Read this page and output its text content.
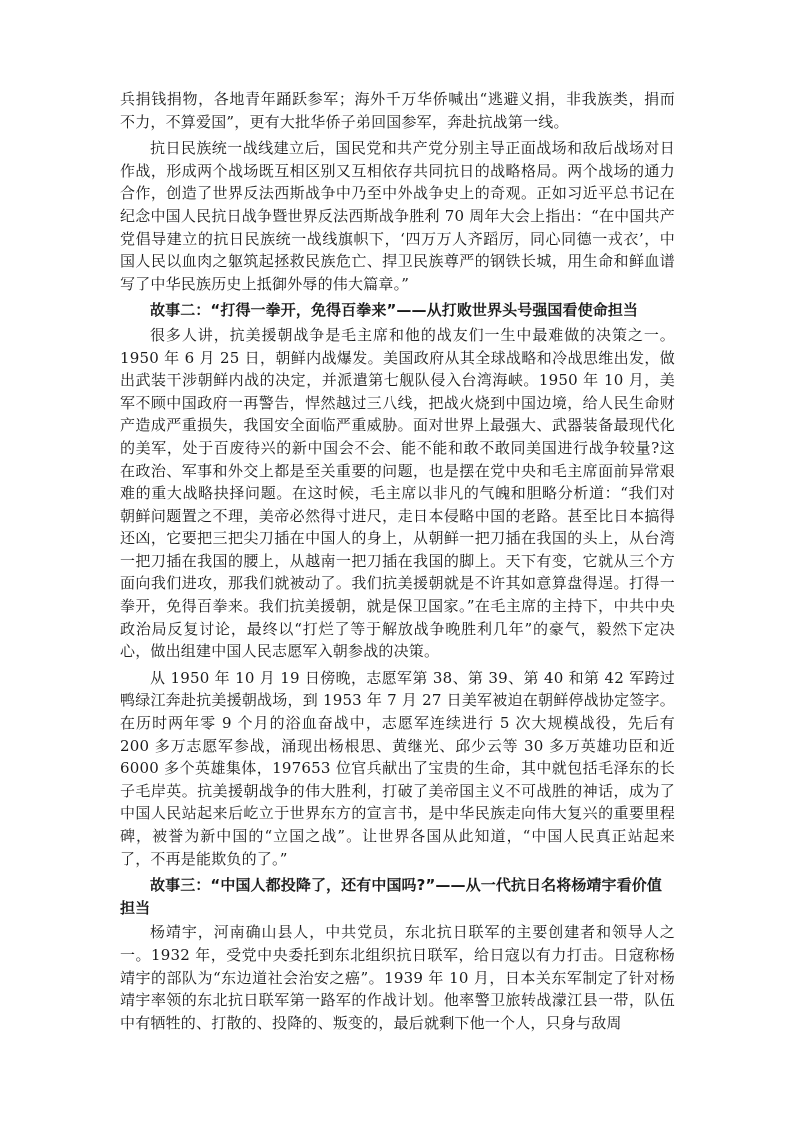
兵捐钱捐物，各地青年踊跃参军；海外千万华侨喊出“逃避义捐，非我族类，捐而不力，不算爱国”，更有大批华侨子弟回国参军，奔赴抗战第一线。

抗日民族统一战线建立后，国民党和共产党分别主导正面战场和敌后战场对日作战，形成两个战场既互相区别又互相依存共同抗日的战略格局。两个战场的通力合作，创造了世界反法西斯战争中乃至中外战争史上的奇观。正如习近平总书记在纪念中国人民抗日战争暨世界反法西斯战争胜利 70 周年大会上指出：“在中国共产党倡导建立的抗日民族统一战线旗帜下，‘四万万人齐蹈厉，同心同德一戎衣’，中国人民以血肉之躯筑起拯救民族危亡、捍卫民族尊严的钢铁长城，用生命和鲜血谱写了中华民族历史上抵御外辱的伟大篇章。”

故事二：“打得一拳开，免得百拳来”——从打败世界头号强国看使命担当

很多人讲，抗美援朝战争是毛主席和他的战友们一生中最难做的决策之一。1950 年 6 月 25 日，朝鲜内战爆发。美国政府从其全球战略和冷战思维出发，做出武装干涉朝鲜内战的决定，并派遣第七舰队侵入台湾海峡。1950 年 10 月，美军不顾中国政府一再警告，悍然越过三八线，把战火烧到中国边境，给人民生命财产造成严重损失，我国安全面临严重威胁。面对世界上最强大、武器装备最现代化的美军，处于百废待兴的新中国会不会、能不能和敢不敢同美国进行战争较量?这在政治、军事和外交上都是至关重要的问题，也是摆在党中央和毛主席面前异常艰难的重大战略抉择问题。在这时候，毛主席以非凡的气魄和胆略分析道：“我们对朝鲜问题置之不理，美帝必然得寸进尺，走日本侵略中国的老路。甚至比日本搞得还凶，它要把三把尖刀插在中国人的身上，从朝鲜一把刀插在我国的头上，从台湾一把刀插在我国的腰上，从越南一把刀插在我国的脚上。天下有变，它就从三个方面向我们进攻，那我们就被动了。我们抗美援朝就是不许其如意算盘得逞。打得一拳开，免得百拳来。我们抗美援朝，就是保卫国家。”在毛主席的主持下，中共中央政治局反复讨论，最终以“打烂了等于解放战争晚胜利几年”的豪气，毅然下定决心，做出组建中国人民志愿军入朝参战的决策。

从 1950 年 10 月 19 日傍晚，志愿军第 38、第 39、第 40 和第 42 军跨过鸭绿江奔赴抗美援朝战场，到 1953 年 7 月 27 日美军被迫在朝鲜停战协定签字。在历时两年零 9 个月的浴血奋战中，志愿军连续进行 5 次大规模战役，先后有 200 多万志愿军参战，涌现出杨根思、黄继光、邱少云等 30 多万英雄功臣和近 6000 多个英雄集体，197653 位官兵献出了宝贵的生命，其中就包括毛泽东的长子毛岸英。抗美援朝战争的伟大胜利，打破了美帝国主义不可战胜的神话，成为了中国人民站起来后屹立于世界东方的宣言书，是中华民族走向伟大复兴的重要里程碑，被誉为新中国的“立国之战”。让世界各国从此知道，“中国人民真正站起来了，不再是能欺负的了。”

故事三：“中国人都投降了，还有中国吗?”——从一代抗日名将杨靖宇看价值担当

杨靖宇，河南确山县人，中共党员，东北抗日联军的主要创建者和领导人之一。1932 年，受党中央委托到东北组织抗日联军，给日寇以有力打击。日寇称杨靖宇的部队为“东边道社会治安之癌”。1939 年 10 月，日本关东军制定了针对杨靖宇率领的东北抗日联军第一路军的作战计划。他率警卫旅转战濛江县一带，队伍中有牺牲的、打散的、投降的、叛变的，最后就剩下他一个人，只身与敌周
